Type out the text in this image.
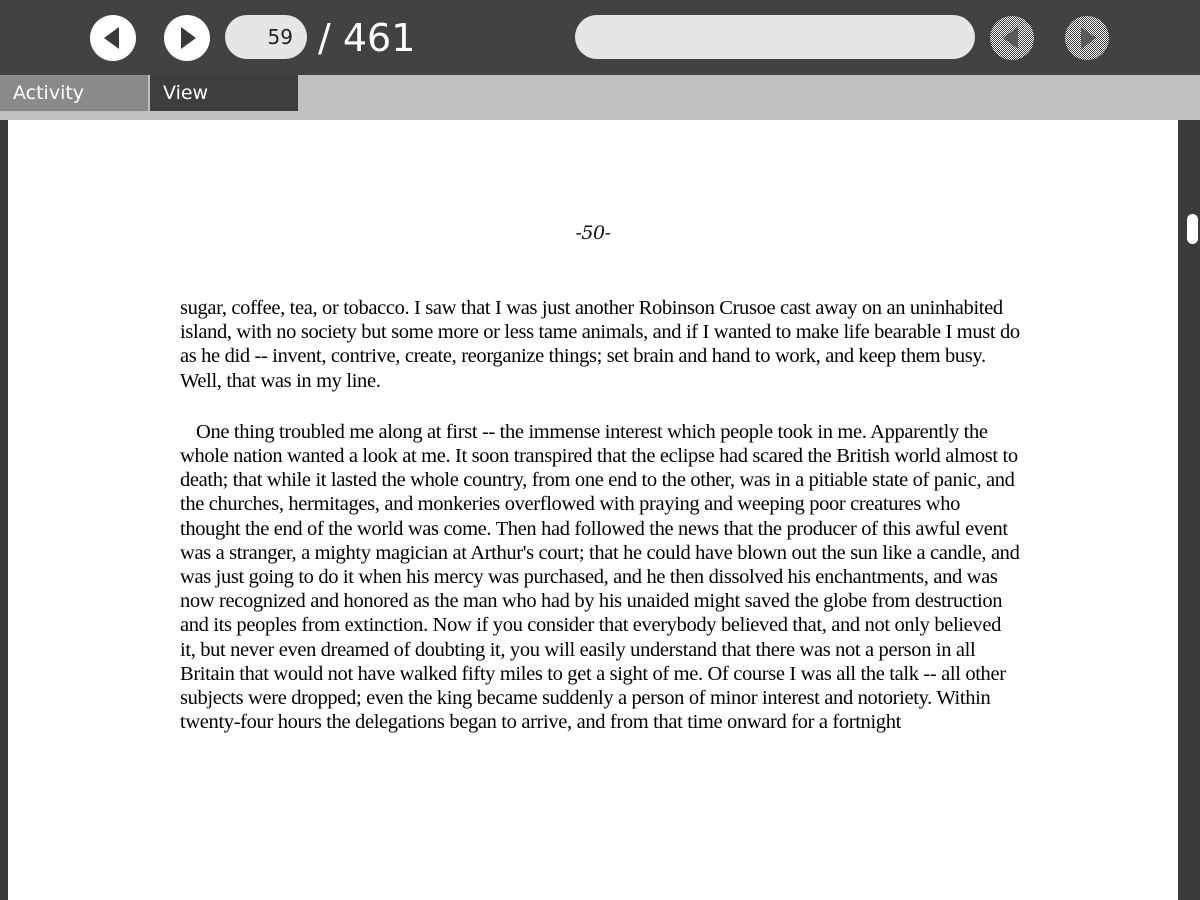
59
/ 461
Activity	View
-50-

sugar, coffee, tea, or tobacco. I saw that I was just another Robinson Crusoe cast away on an uninhabited island, with no society but some more or less tame animals, and if I wanted to make life bearable I must do as he did -- invent, contrive, create, reorganize things; set brain and hand to work, and keep them busy. Well, that was in my line.

One thing troubled me along at first -- the immense interest which people took in me. Apparently the whole nation wanted a look at me. It soon transpired that the eclipse had scared the British world almost to death; that while it lasted the whole country, from one end to the other, was in a pitiable state of panic, and the churches, hermitages, and monkeries overflowed with praying and weeping poor creatures who thought the end of the world was come. Then had followed the news that the producer of this awful event was a stranger, a mighty magician at Arthur's court; that he could have blown out the sun like a candle, and was just going to do it when his mercy was purchased, and he then dissolved his enchantments, and was now recognized and honored as the man who had by his unaided might saved the globe from destruction and its peoples from extinction. Now if you consider that everybody believed that, and not only believed it, but never even dreamed of doubting it, you will easily understand that there was not a person in all Britain that would not have walked fifty miles to get a sight of me. Of course I was all the talk -- all other subjects were dropped; even the king became suddenly a person of minor interest and notoriety. Within twenty-four hours the delegations began to arrive, and from that time onward for a fortnight
